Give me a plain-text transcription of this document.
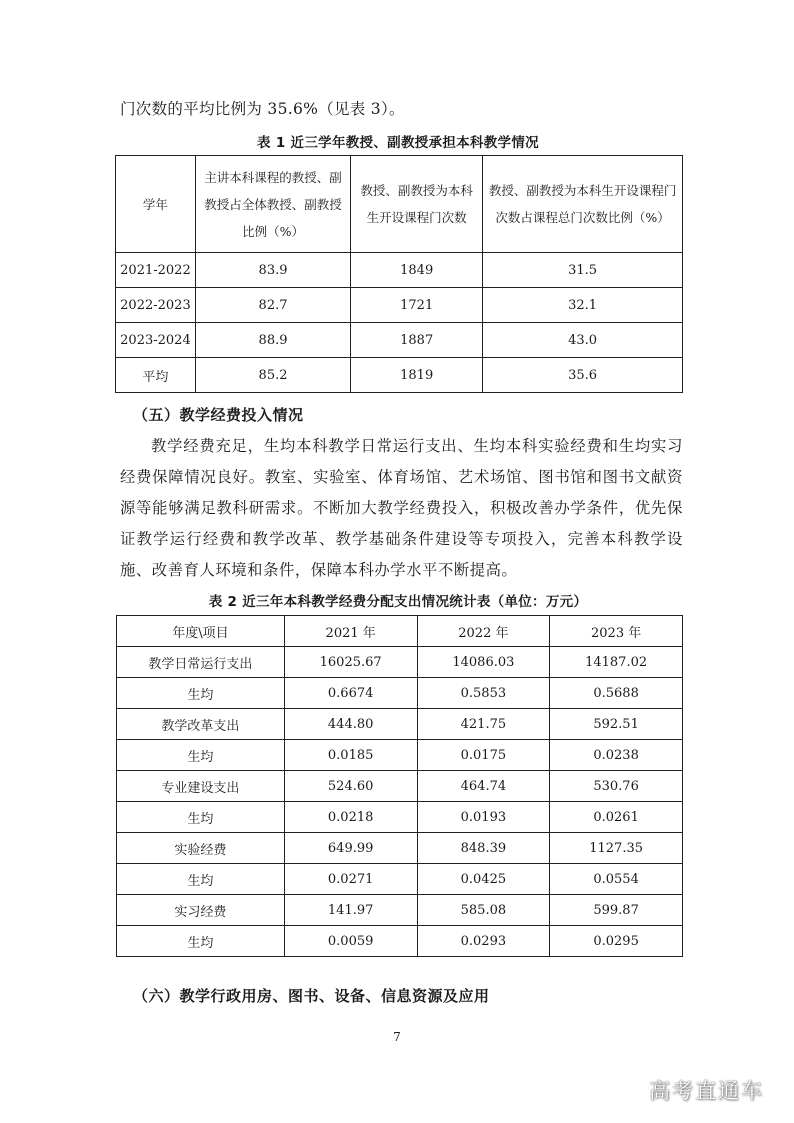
门次数的平均比例为 35.6%（见表 3）。
表 1 近三学年教授、副教授承担本科教学情况
学年	主讲本科课程的教授、副教授占全体教授、副教授比例（%）	教授、副教授为本科生开设课程门次数	教授、副教授为本科生开设课程门次数占课程总门次数比例（%）
2021-2022	83.9	1849	31.5
2022-2023	82.7	1721	32.1
2023-2024	88.9	1887	43.0
平均	85.2	1819	35.6
（五）教学经费投入情况
教学经费充足，生均本科教学日常运行支出、生均本科实验经费和生均实习经费保障情况良好。教室、实验室、体育场馆、艺术场馆、图书馆和图书文献资源等能够满足教科研需求。不断加大教学经费投入，积极改善办学条件，优先保证教学运行经费和教学改革、教学基础条件建设等专项投入，完善本科教学设施、改善育人环境和条件，保障本科办学水平不断提高。
表 2 近三年本科教学经费分配支出情况统计表（单位：万元）
年度\项目	2021 年	2022 年	2023 年
教学日常运行支出	16025.67	14086.03	14187.02
生均	0.6674	0.5853	0.5688
教学改革支出	444.80	421.75	592.51
生均	0.0185	0.0175	0.0238
专业建设支出	524.60	464.74	530.76
生均	0.0218	0.0193	0.0261
实验经费	649.99	848.39	1127.35
生均	0.0271	0.0425	0.0554
实习经费	141.97	585.08	599.87
生均	0.0059	0.0293	0.0295
（六）教学行政用房、图书、设备、信息资源及应用
7
高考直通车
